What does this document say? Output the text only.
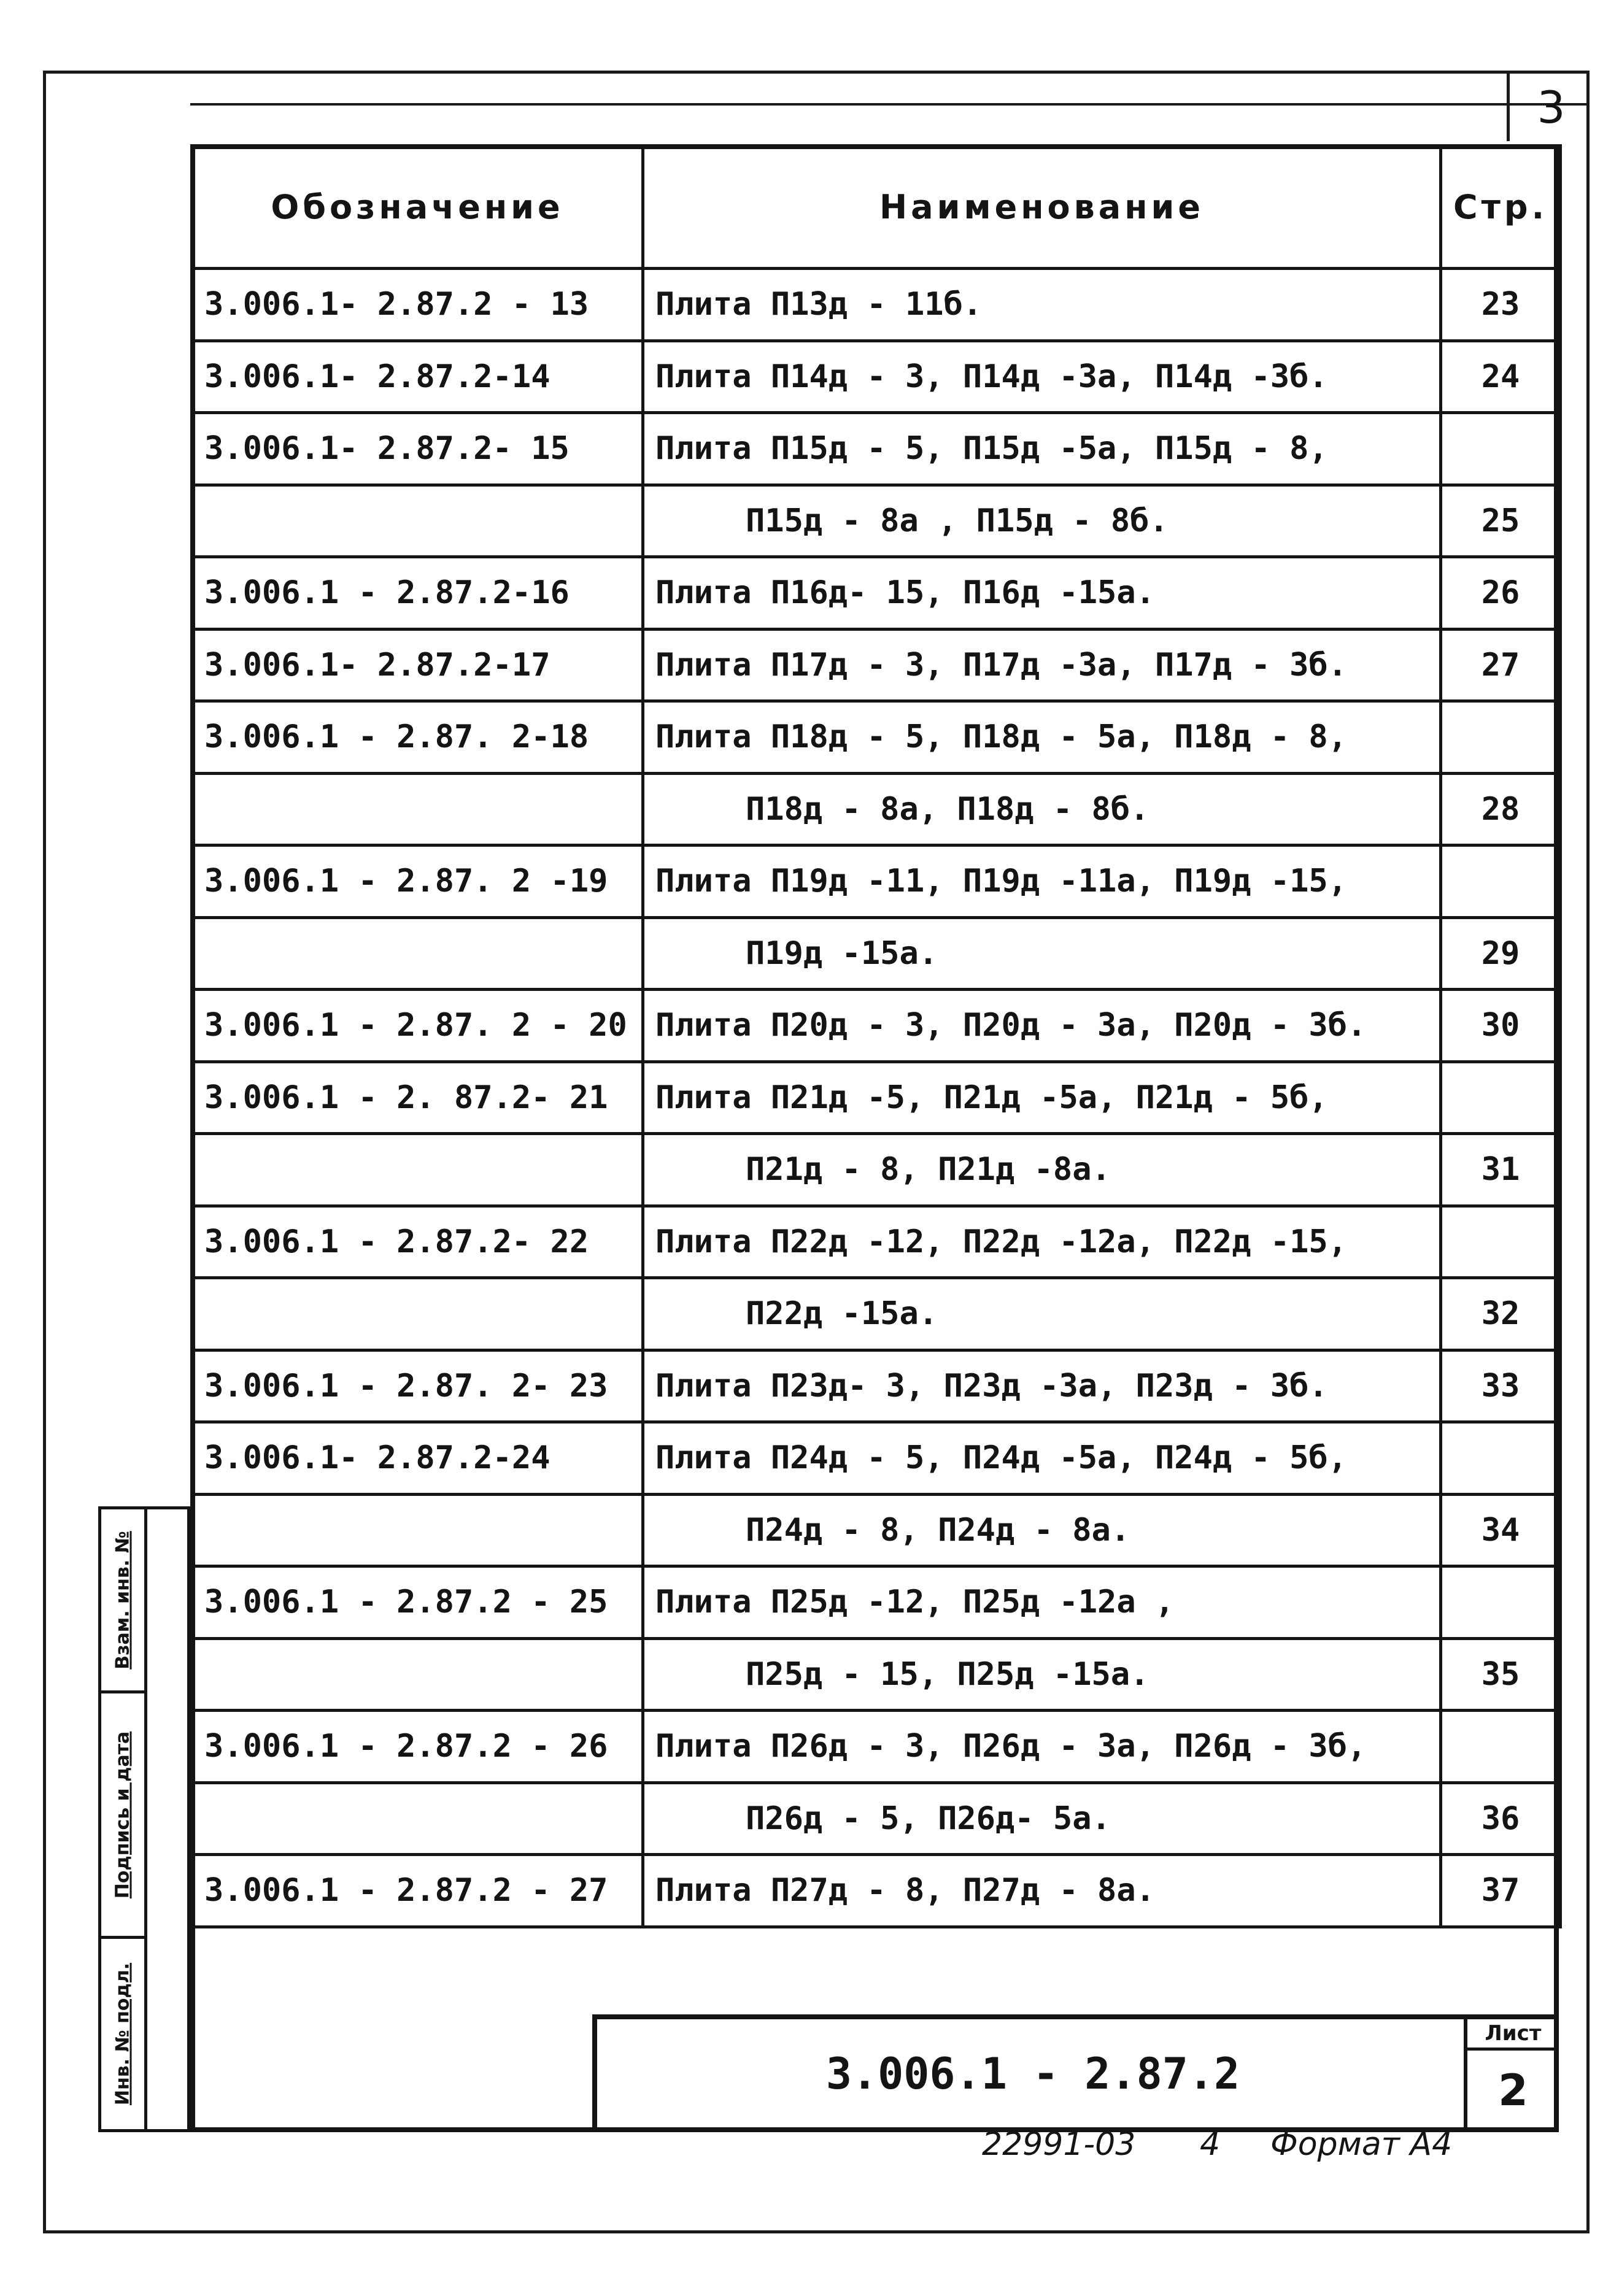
3
Обозначение	Наименование	Стр.
3.006.1- 2.87.2 - 13	Плита П13д - 11б.	23
3.006.1- 2.87.2-14	Плита П14д - 3, П14д -3а, П14д -3б.	24
3.006.1- 2.87.2- 15	Плита П15д - 5, П15д -5а, П15д - 8,	
	П15д - 8а , П15д - 8б.	25
3.006.1 - 2.87.2-16	Плита П16д- 15, П16д -15а.	26
3.006.1- 2.87.2-17	Плита П17д - 3, П17д -3а, П17д - 3б.	27
3.006.1 - 2.87. 2-18	Плита П18д - 5, П18д - 5а, П18д - 8,	
	П18д - 8а, П18д - 8б.	28
3.006.1 - 2.87. 2 -19	Плита П19д -11, П19д -11а, П19д -15,	
	П19д -15а.	29
3.006.1 - 2.87. 2 - 20	Плита П20д - 3, П20д - 3а, П20д - 3б.	30
3.006.1 - 2. 87.2- 21	Плита П21д -5, П21д -5а, П21д - 5б,	
	П21д - 8, П21д -8а.	31
3.006.1 - 2.87.2- 22	Плита П22д -12, П22д -12а, П22д -15,	
	П22д -15а.	32
3.006.1 - 2.87. 2- 23	Плита П23д- 3, П23д -3а, П23д - 3б.	33
3.006.1- 2.87.2-24	Плита П24д - 5, П24д -5а, П24д - 5б,	
	П24д - 8, П24д - 8а.	34
3.006.1 - 2.87.2 - 25	Плита П25д -12, П25д -12а ,	
	П25д - 15, П25д -15а.	35
3.006.1 - 2.87.2 - 26	Плита П26д - 3, П26д - 3а, П26д - 3б,	
	П26д - 5, П26д- 5а.	36
3.006.1 - 2.87.2 - 27	Плита П27д - 8, П27д - 8а.	37
Взам. инв. №
Подпись и дата
Инв. № подл.	3.006.1 - 2.87.2
Лист
2
22991-03 4 Формат А4
